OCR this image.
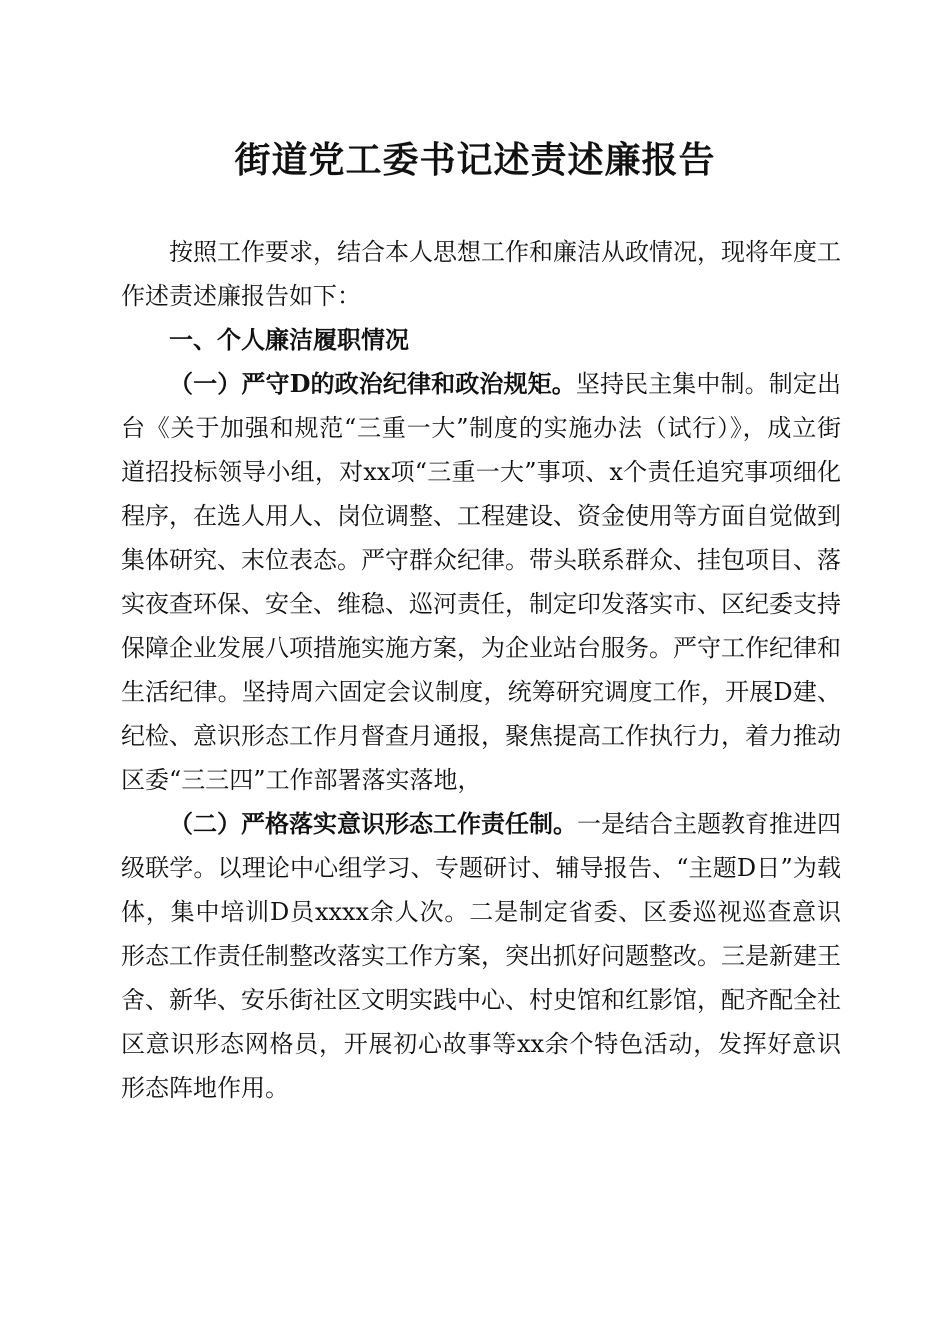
街道党工委书记述责述廉报告

按照工作要求，结合本人思想工作和廉洁从政情况，现将年度工作述责述廉报告如下：

一、个人廉洁履职情况

（一）严守D的政治纪律和政治规矩。坚持民主集中制。制定出台《关于加强和规范“三重一大”制度的实施办法（试行）》，成立街道招投标领导小组，对xx项“三重一大”事项、x个责任追究事项细化程序，在选人用人、岗位调整、工程建设、资金使用等方面自觉做到集体研究、末位表态。严守群众纪律。带头联系群众、挂包项目、落实夜查环保、安全、维稳、巡河责任，制定印发落实市、区纪委支持保障企业发展八项措施实施方案，为企业站台服务。严守工作纪律和生活纪律。坚持周六固定会议制度，统筹研究调度工作，开展D建、纪检、意识形态工作月督查月通报，聚焦提高工作执行力，着力推动区委“三三四”工作部署落实落地，

（二）严格落实意识形态工作责任制。一是结合主题教育推进四级联学。以理论中心组学习、专题研讨、辅导报告、“主题D日”为载体，集中培训D员xxxx余人次。二是制定省委、区委巡视巡查意识形态工作责任制整改落实工作方案，突出抓好问题整改。三是新建王舍、新华、安乐街社区文明实践中心、村史馆和红影馆，配齐配全社区意识形态网格员，开展初心故事等xx余个特色活动，发挥好意识形态阵地作用。
